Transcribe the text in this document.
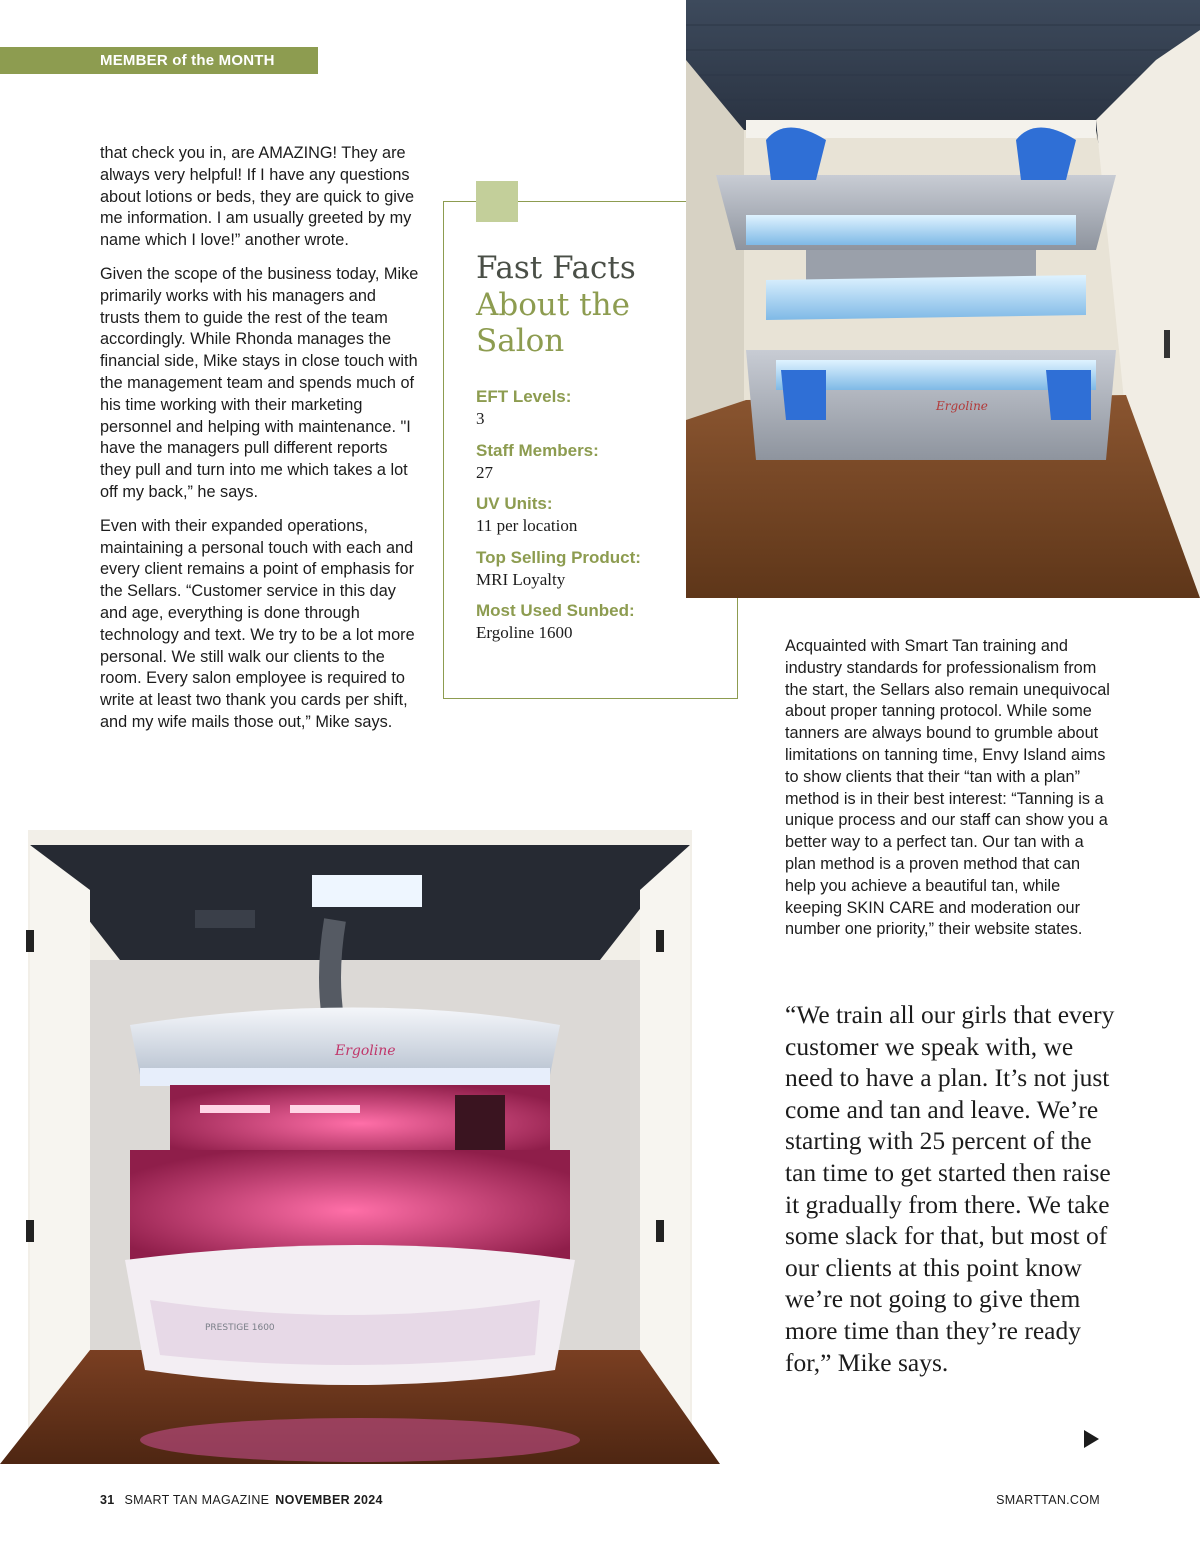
MEMBER of the MONTH

that check you in, are AMAZING! They are always very helpful! If I have any questions about lotions or beds, they are quick to give me information. I am usually greeted by my name which I love!” another wrote.

Given the scope of the business today, Mike primarily works with his managers and trusts them to guide the rest of the team accordingly. While Rhonda manages the financial side, Mike stays in close touch with the management team and spends much of his time working with their marketing personnel and helping with maintenance. "I have the managers pull different reports they pull and turn into me which takes a lot off my back,” he says.

Even with their expanded operations, maintaining a personal touch with each and every client remains a point of emphasis for the Sellars. “Customer service in this day and age, everything is done through technology and text. We try to be a lot more personal. We still walk our clients to the room. Every salon employee is required to write at least two thank you cards per shift, and my wife mails those out,” Mike says.

Fast Facts
About the Salon
EFT Levels:
3
Staff Members:
27
UV Units:
11 per location
Top Selling Product:
MRI Loyalty
Most Used Sunbed:
Ergoline 1600
Ergoline
PRESTIGE 1600
Ergoline

Acquainted with Smart Tan training and industry standards for professionalism from the start, the Sellars also remain unequivocal about proper tanning protocol. While some tanners are always bound to grumble about limitations on tanning time, Envy Island aims to show clients that their “tan with a plan” method is in their best interest: “Tanning is a unique process and our staff can show you a better way to a perfect tan. Our tan with a plan method is a proven method that can help you achieve a beautiful tan, while keeping SKIN CARE and moderation our number one priority,” their website states.

“We train all our girls that every customer we speak with, we need to have a plan. It’s not just come and tan and leave. We’re starting with 25 percent of the tan time to get started then raise it gradually from there. We take some slack for that, but most of our clients at this point know we’re not going to give them more time than they’re ready for,” Mike says.
31 SMART TAN MAGAZINE NOVEMBER 2024	SMARTTAN.COM
